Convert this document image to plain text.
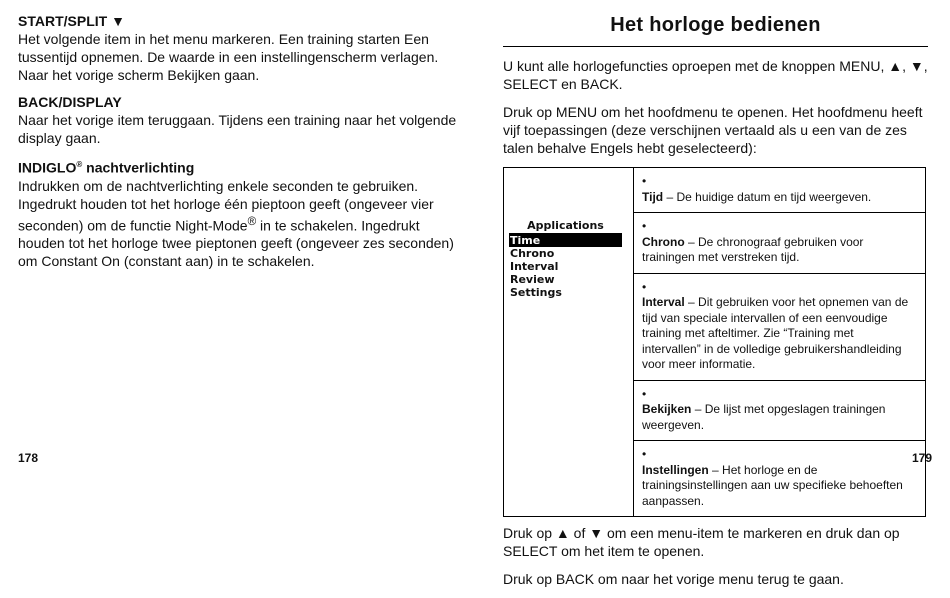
START/SPLIT ▼

Het volgende item in het menu markeren. Een training starten Een tussentijd opnemen. De waarde in een instellingenscherm verlagen. Naar het vorige scherm Bekijken gaan.

BACK/DISPLAY

Naar het vorige item teruggaan. Tijdens een training naar het volgende display gaan.

INDIGLO® nachtverlichting

Indrukken om de nachtverlichting enkele seconden te gebruiken. Ingedrukt houden tot het horloge één pieptoon geeft (ongeveer vier seconden) om de functie Night-Mode® in te schakelen. Ingedrukt houden tot het horloge twee pieptonen geeft (ongeveer zes seconden) om Constant On (constant aan) in te schakelen.

Het horloge bedienen

U kunt alle horlogefuncties oproepen met de knoppen MENU, ▲, ▼, SELECT en BACK.

Druk op MENU om het hoofdmenu te openen. Het hoofdmenu heeft vijf toepassingen (deze verschijnen vertaald als u een van de zes talen behalve Engels hebt geselecteerd):

Applications
Time
Chrono
Interval
Review
Settings
•Tijd – De huidige datum en tijd weergeven.
•Chrono – De chronograaf gebruiken voor trainingen met verstreken tijd.
•Interval – Dit gebruiken voor het opnemen van de tijd van speciale intervallen of een eenvoudige training met afteltimer. Zie “Training met intervallen” in de volledige gebruikershandleiding voor meer informatie.
•Bekijken – De lijst met opgeslagen trainingen weergeven.
•Instellingen – Het horloge en de trainingsinstellingen aan uw specifieke behoeften aanpassen.

Druk op ▲ of ▼ om een menu-item te markeren en druk dan op SELECT om het item te openen.

Druk op BACK om naar het vorige menu terug te gaan.

178	179
